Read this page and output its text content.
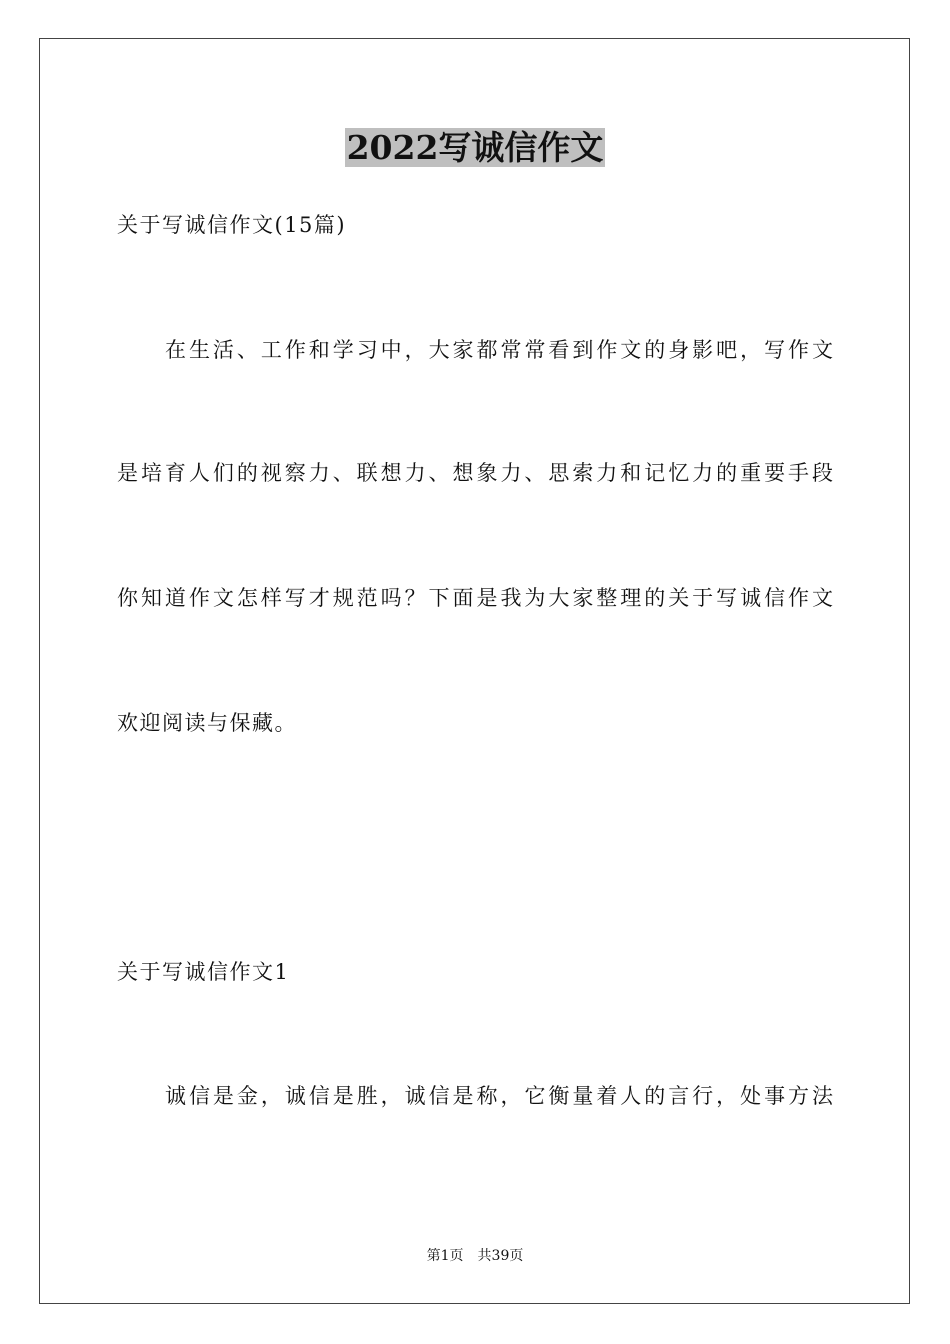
2022写诚信作文
关于写诚信作文(15篇)
在生活、工作和学习中，大家都常常看到作文的身影吧，写作文
是培育人们的视察力、联想力、想象力、思索力和记忆力的重要手段
你知道作文怎样写才规范吗？下面是我为大家整理的关于写诚信作文
欢迎阅读与保藏。
关于写诚信作文1
诚信是金，诚信是胜，诚信是称，它衡量着人的言行，处事方法
第1页　共39页
